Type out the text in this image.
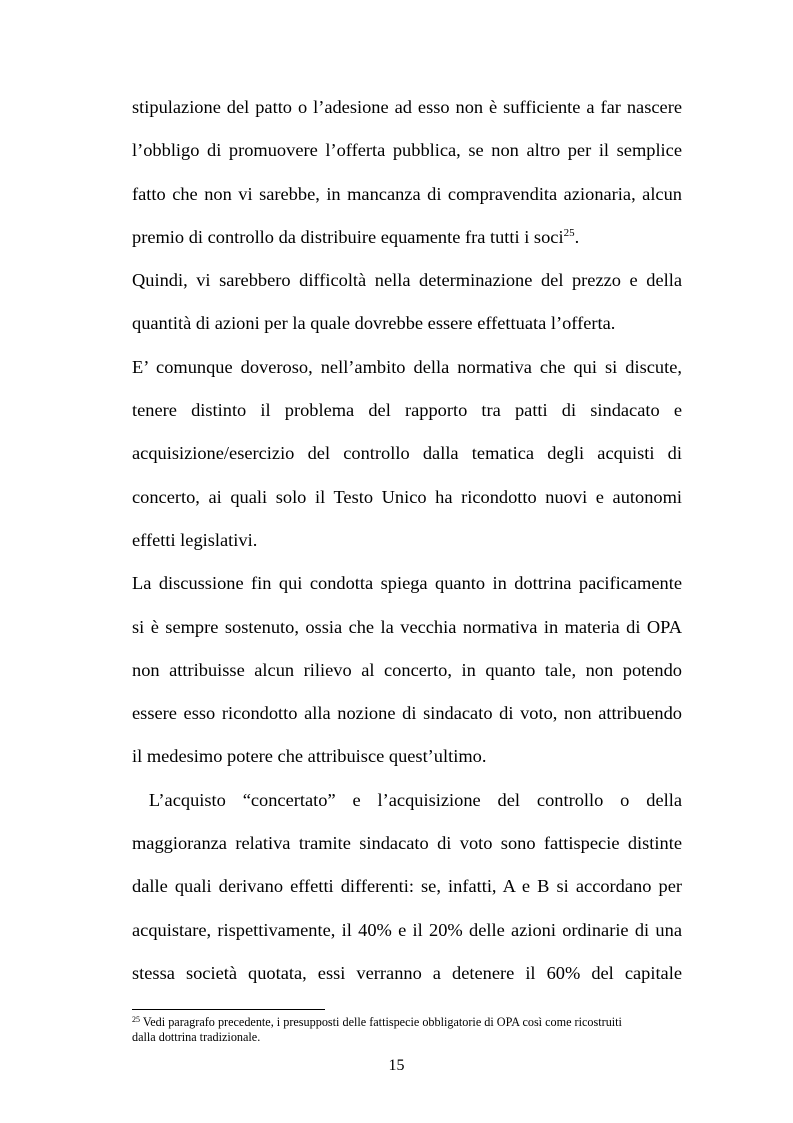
stipulazione del patto o l’adesione ad esso non è sufficiente a far nascere
l’obbligo di promuovere l’offerta pubblica, se non altro per il semplice
fatto che non vi sarebbe, in mancanza di compravendita azionaria, alcun
premio di controllo da distribuire equamente fra tutti i soci$^{25}$.
Quindi, vi sarebbero difficoltà nella determinazione del prezzo e della
quantità di azioni per la quale dovrebbe essere effettuata l’offerta.
E’ comunque doveroso, nell’ambito della normativa che qui si discute,
tenere distinto il problema del rapporto tra patti di sindacato e
acquisizione/esercizio del controllo dalla tematica degli acquisti di
concerto, ai quali solo il Testo Unico ha ricondotto nuovi e autonomi
effetti legislativi.
La discussione fin qui condotta spiega quanto in dottrina pacificamente
si è sempre sostenuto, ossia che la vecchia normativa in materia di OPA
non attribuisse alcun rilievo al concerto, in quanto tale, non potendo
essere esso ricondotto alla nozione di sindacato di voto, non attribuendo
il medesimo potere che attribuisce quest’ultimo.
L’acquisto “concertato” e l’acquisizione del controllo o della
maggioranza relativa tramite sindacato di voto sono fattispecie distinte
dalle quali derivano effetti differenti: se, infatti, A e B si accordano per
acquistare, rispettivamente, il 40% e il 20% delle azioni ordinarie di una
stessa società quotata, essi verranno a detenere il 60% del capitale
$^{25}$ Vedi paragrafo precedente, i presupposti delle fattispecie obbligatorie di OPA così come ricostruiti
dalla dottrina tradizionale.
15
